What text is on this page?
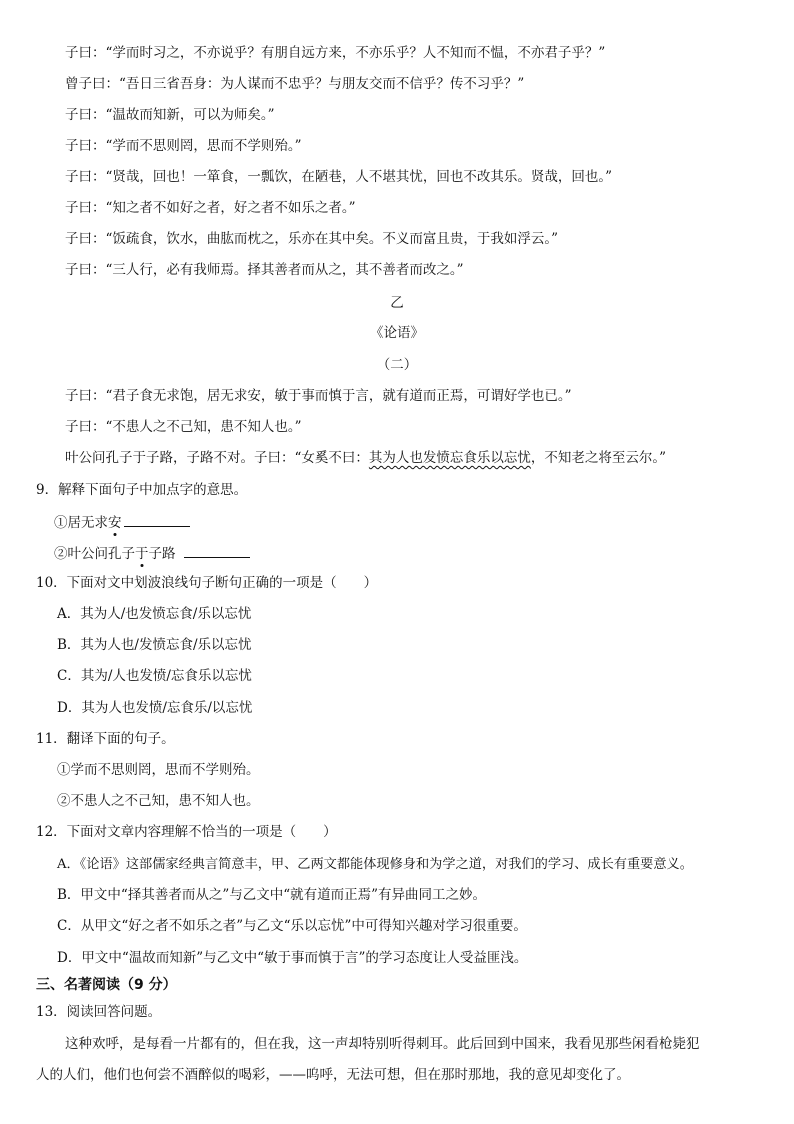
子曰：“学而时习之，不亦说乎？有朋自远方来，不亦乐乎？人不知而不愠，不亦君子乎？”
曾子曰：“吾日三省吾身：为人谋而不忠乎？与朋友交而不信乎？传不习乎？”
子曰：“温故而知新，可以为师矣。”
子曰：“学而不思则罔，思而不学则殆。”
子曰：“贤哉，回也！一箪食，一瓢饮，在陋巷，人不堪其忧，回也不改其乐。贤哉，回也。”
子曰：“知之者不如好之者，好之者不如乐之者。”
子曰：“饭疏食，饮水，曲肱而枕之，乐亦在其中矣。不义而富且贵，于我如浮云。”
子曰：“三人行，必有我师焉。择其善者而从之，其不善者而改之。”
乙
《论语》
（二）
子曰：“君子食无求饱，居无求安，敏于事而慎于言，就有道而正焉，可谓好学也已。”
子曰：“不患人之不己知，患不知人也。”
叶公问孔子于子路，子路不对。子曰：“女奚不曰：其为人也发愤忘食乐以忘忧，不知老之将至云尔。”
9．解释下面句子中加点字的意思。
①居无求安
②叶公问孔子于子路
10．下面对文中划波浪线句子断句正确的一项是（　　）
A．其为人/也发愤忘食/乐以忘忧
B．其为人也/发愤忘食/乐以忘忧
C．其为/人也发愤/忘食乐以忘忧
D．其为人也发愤/忘食乐/以忘忧
11．翻译下面的句子。
①学而不思则罔，思而不学则殆。
②不患人之不己知，患不知人也。
12．下面对文章内容理解不恰当的一项是（　　）
A．《论语》这部儒家经典言简意丰，甲、乙两文都能体现修身和为学之道，对我们的学习、成长有重要意义。
B．甲文中“择其善者而从之”与乙文中“就有道而正焉”有异曲同工之妙。
C．从甲文“好之者不如乐之者”与乙文“乐以忘忧”中可得知兴趣对学习很重要。
D．甲文中“温故而知新”与乙文中“敏于事而慎于言”的学习态度让人受益匪浅。
三、名著阅读（9 分）
13．阅读回答问题。
这种欢呼，是每看一片都有的，但在我，这一声却特别听得刺耳。此后回到中国来，我看见那些闲看枪毙犯
人的人们，他们也何尝不酒醉似的喝彩，——呜呼，无法可想，但在那时那地，我的意见却变化了。
